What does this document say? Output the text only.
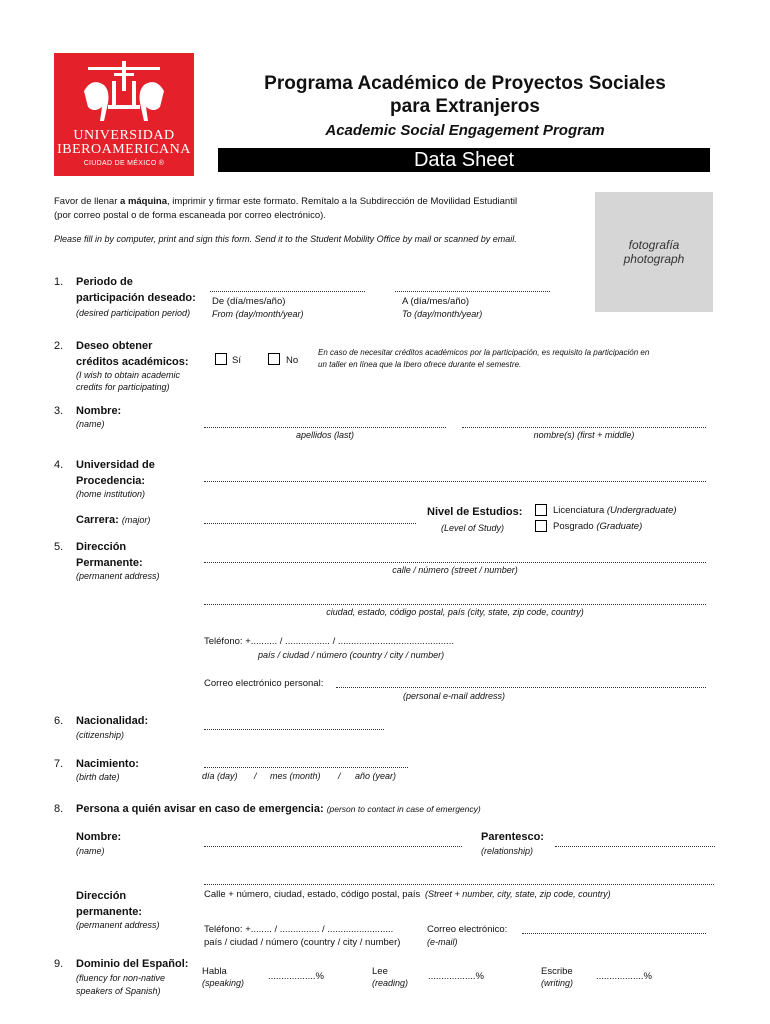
UNIVERSIDAD
IBEROAMERICANA
CIUDAD DE MÉXICO ®
Programa Académico de Proyectos Sociales
para Extranjeros
Academic Social Engagement Program
Data Sheet
Favor de llenar a máquina, imprimir y firmar este formato. Remítalo a la Subdirección de Movilidad Estudiantil
(por correo postal o de forma escaneada por correo electrónico).
Please fill in by computer, print and sign this form. Send it to the Student Mobility Office by mail or scanned by email.	fotografía
photograph
1. Periodo de
participación deseado:
(desired participation period)
De (día/mes/año)
From (day/month/year)
A (día/mes/año)
To (day/month/year)
2. Deseo obtener
créditos académicos:
(I wish to obtain academic
credits for participating)
Sí	No
En caso de necesitar créditos académicos por la participación, es requisito la participación en
un taller en línea que la Ibero ofrece durante el semestre.
3. Nombre:
(name)
apellidos (last)	nombre(s) (first + middle)
4. Universidad de
Procedencia:
(home institution)
Carrera: (major)
Nivel de Estudios:
(Level of Study)
Licenciatura (Undergraduate)
Posgrado (Graduate)
5. Dirección
Permanente:
(permanent address)
calle / número (street / number)
ciudad, estado, código postal, país (city, state, zip code, country)
Teléfono: +.......... / ................. / ............................................
país / ciudad / número (country / city / number)
Correo electrónico personal:
(personal e-mail address)
6. Nacionalidad:
(citizenship)
7. Nacimiento:
(birth date)	día (day) / mes (month) / año (year)
8. Persona a quién avisar en caso de emergencia: (person to contact in case of emergency)
Nombre:
(name)
Parentesco:
(relationship)
Dirección
permanente:
(permanent address)
Calle + número, ciudad, estado, código postal, país (Street + number, city, state, zip code, country)
Teléfono: +........ / ............... / .........................
país / ciudad / número (country / city / number)
Correo electrónico:
(e-mail)
9. Dominio del Español:
(fluency for non-native
speakers of Spanish)
Habla
(speaking)
..................%	Lee
(reading)
..................%	Escribe
(writing)
..................%
